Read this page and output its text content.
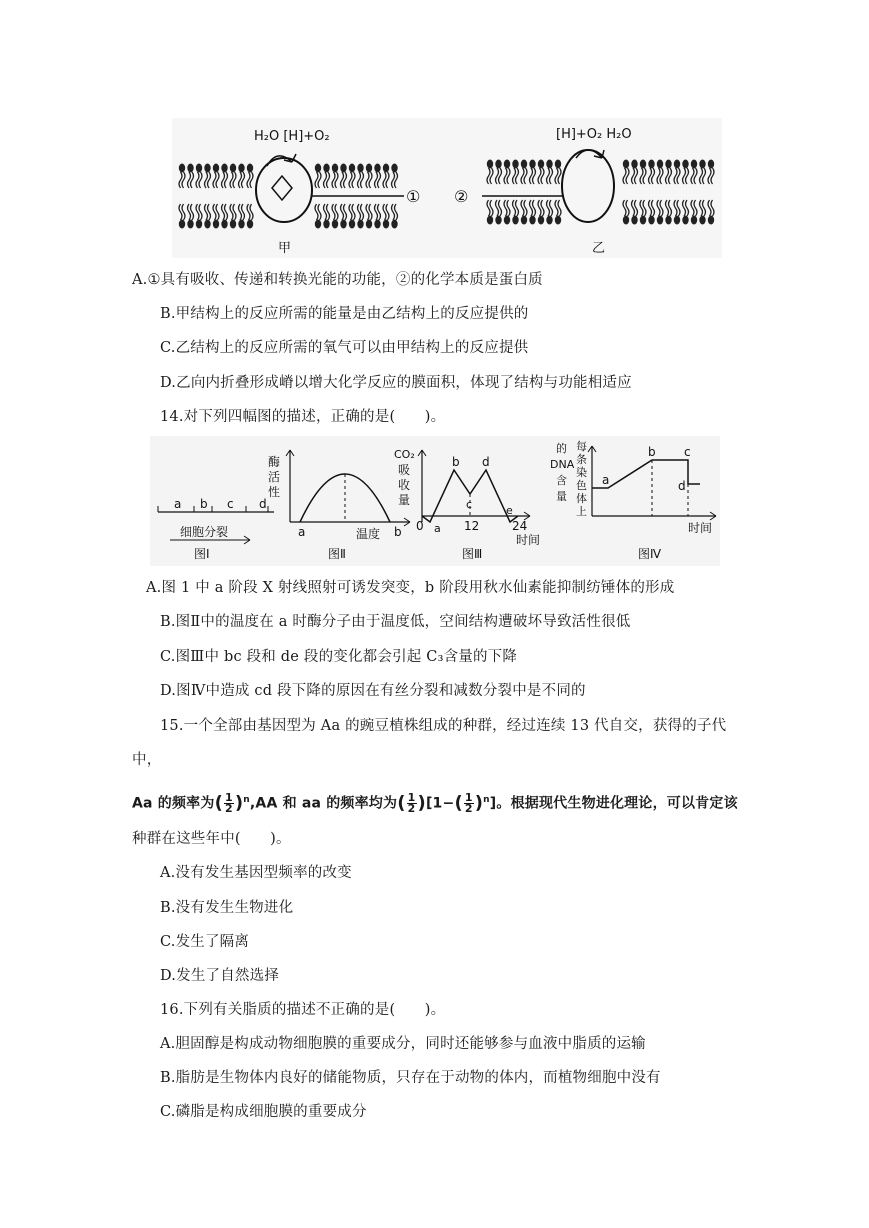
H₂O [H]+O₂	[H]+O₂ H₂O
① ②
甲	乙
A.①具有吸收、传递和转换光能的功能，②的化学本质是蛋白质
B.甲结构上的反应所需的能量是由乙结构上的反应提供的
C.乙结构上的反应所需的氧气可以由甲结构上的反应提供
D.乙向内折叠形成嵴以增大化学反应的膜面积，体现了结构与功能相适应
14.对下列四幅图的描述，正确的是(　　)。
a b c d
细胞分裂
图Ⅰ
酶
活
性
a	温度 b
图Ⅱ
CO₂
吸
收
量
a
b
c
d
e
0	12	24
时间
图Ⅲ
的
DNA
含
量
每
条
染
色
体
上
a
b c
d
时间
图Ⅳ
A.图 1 中 a 阶段 X 射线照射可诱发突变，b 阶段用秋水仙素能抑制纺锤体的形成
B.图Ⅱ中的温度在 a 时酶分子由于温度低，空间结构遭破坏导致活性很低
C.图Ⅲ中 bc 段和 de 段的变化都会引起 C₃含量的下降
D.图Ⅳ中造成 cd 段下降的原因在有丝分裂和减数分裂中是不同的
15.一个全部由基因型为 Aa 的豌豆植株组成的种群，经过连续 13 代自交，获得的子代
中，
Aa 的频率为( $\frac{1}{2} )^n,AA$ 和 aa 的频率均为( $\frac{1}{2} )[1-( \frac{1}{2} )^n]$。根据现代生物进化理论，可以肯定该
种群在这些年中(　　)。
A.没有发生基因型频率的改变
B.没有发生生物进化
C.发生了隔离
D.发生了自然选择
16.下列有关脂质的描述不正确的是(　　)。
A.胆固醇是构成动物细胞膜的重要成分，同时还能够参与血液中脂质的运输
B.脂肪是生物体内良好的储能物质，只存在于动物的体内，而植物细胞中没有
C.磷脂是构成细胞膜的重要成分
